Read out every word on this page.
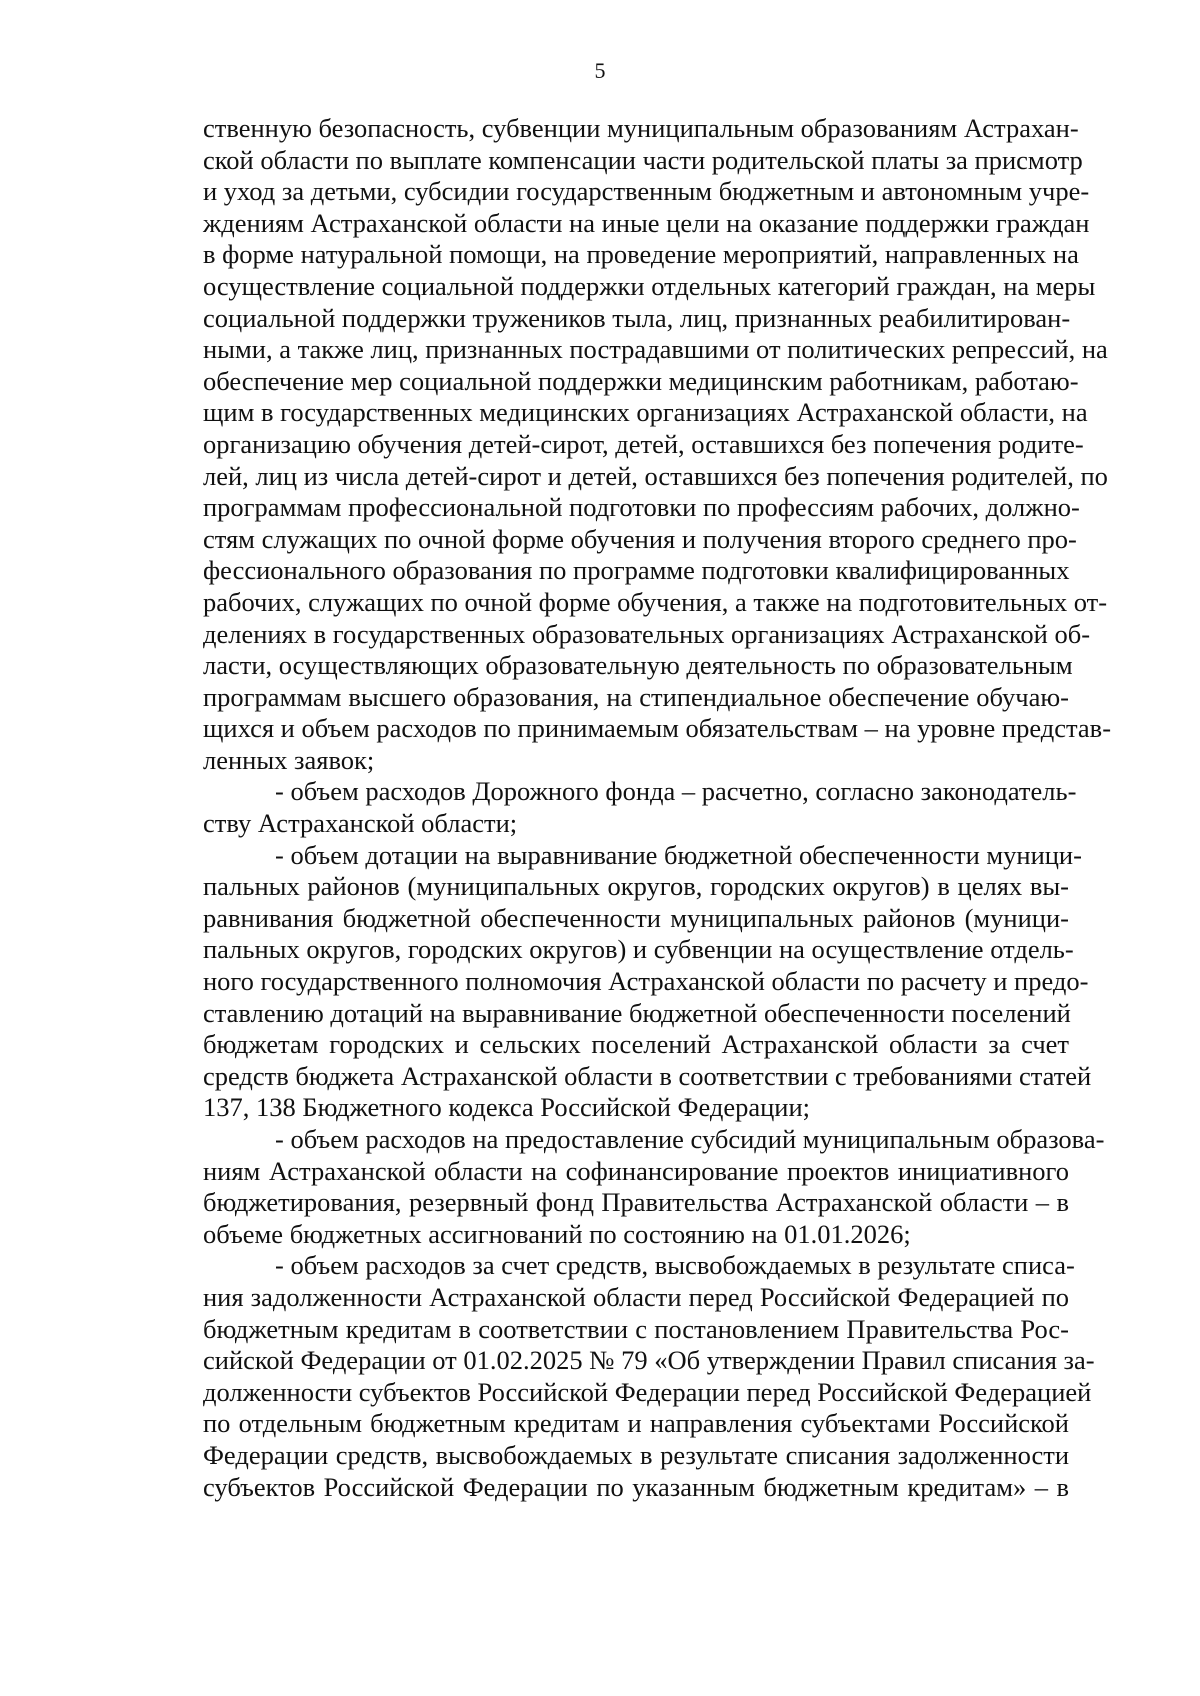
5
ственную безопасность, субвенции муниципальным образованиям Астрахан-
ской области по выплате компенсации части родительской платы за присмотр
и уход за детьми, субсидии государственным бюджетным и автономным учре-
ждениям Астраханской области на иные цели на оказание поддержки граждан
в форме натуральной помощи, на проведение мероприятий, направленных на
осуществление социальной поддержки отдельных категорий граждан, на меры
социальной поддержки тружеников тыла, лиц, признанных реабилитирован-
ными, а также лиц, признанных пострадавшими от политических репрессий, на
обеспечение мер социальной поддержки медицинским работникам, работаю-
щим в государственных медицинских организациях Астраханской области, на
организацию обучения детей-сирот, детей, оставшихся без попечения родите-
лей, лиц из числа детей-сирот и детей, оставшихся без попечения родителей, по
программам профессиональной подготовки по профессиям рабочих, должно-
стям служащих по очной форме обучения и получения второго среднего про-
фессионального образования по программе подготовки квалифицированных
рабочих, служащих по очной форме обучения, а также на подготовительных от-
делениях в государственных образовательных организациях Астраханской об-
ласти, осуществляющих образовательную деятельность по образовательным
программам высшего образования, на стипендиальное обеспечение обучаю-
щихся и объем расходов по принимаемым обязательствам – на уровне представ-
ленных заявок;
- объем расходов Дорожного фонда – расчетно, согласно законодатель-
ству Астраханской области;
- объем дотации на выравнивание бюджетной обеспеченности муници-
пальных районов (муниципальных округов, городских округов) в целях вы-
равнивания бюджетной обеспеченности муниципальных районов (муници-
пальных округов, городских округов) и субвенции на осуществление отдель-
ного государственного полномочия Астраханской области по расчету и предо-
ставлению дотаций на выравнивание бюджетной обеспеченности поселений
бюджетам городских и сельских поселений Астраханской области за счет
средств бюджета Астраханской области в соответствии с требованиями статей
137, 138 Бюджетного кодекса Российской Федерации;
- объем расходов на предоставление субсидий муниципальным образова-
ниям Астраханской области на софинансирование проектов инициативного
бюджетирования, резервный фонд Правительства Астраханской области – в
объеме бюджетных ассигнований по состоянию на 01.01.2026;
- объем расходов за счет средств, высвобождаемых в результате списа-
ния задолженности Астраханской области перед Российской Федерацией по
бюджетным кредитам в соответствии с постановлением Правительства Рос-
сийской Федерации от 01.02.2025 № 79 «Об утверждении Правил списания за-
долженности субъектов Российской Федерации перед Российской Федерацией
по отдельным бюджетным кредитам и направления субъектами Российской
Федерации средств, высвобождаемых в результате списания задолженности
субъектов Российской Федерации по указанным бюджетным кредитам» – в
